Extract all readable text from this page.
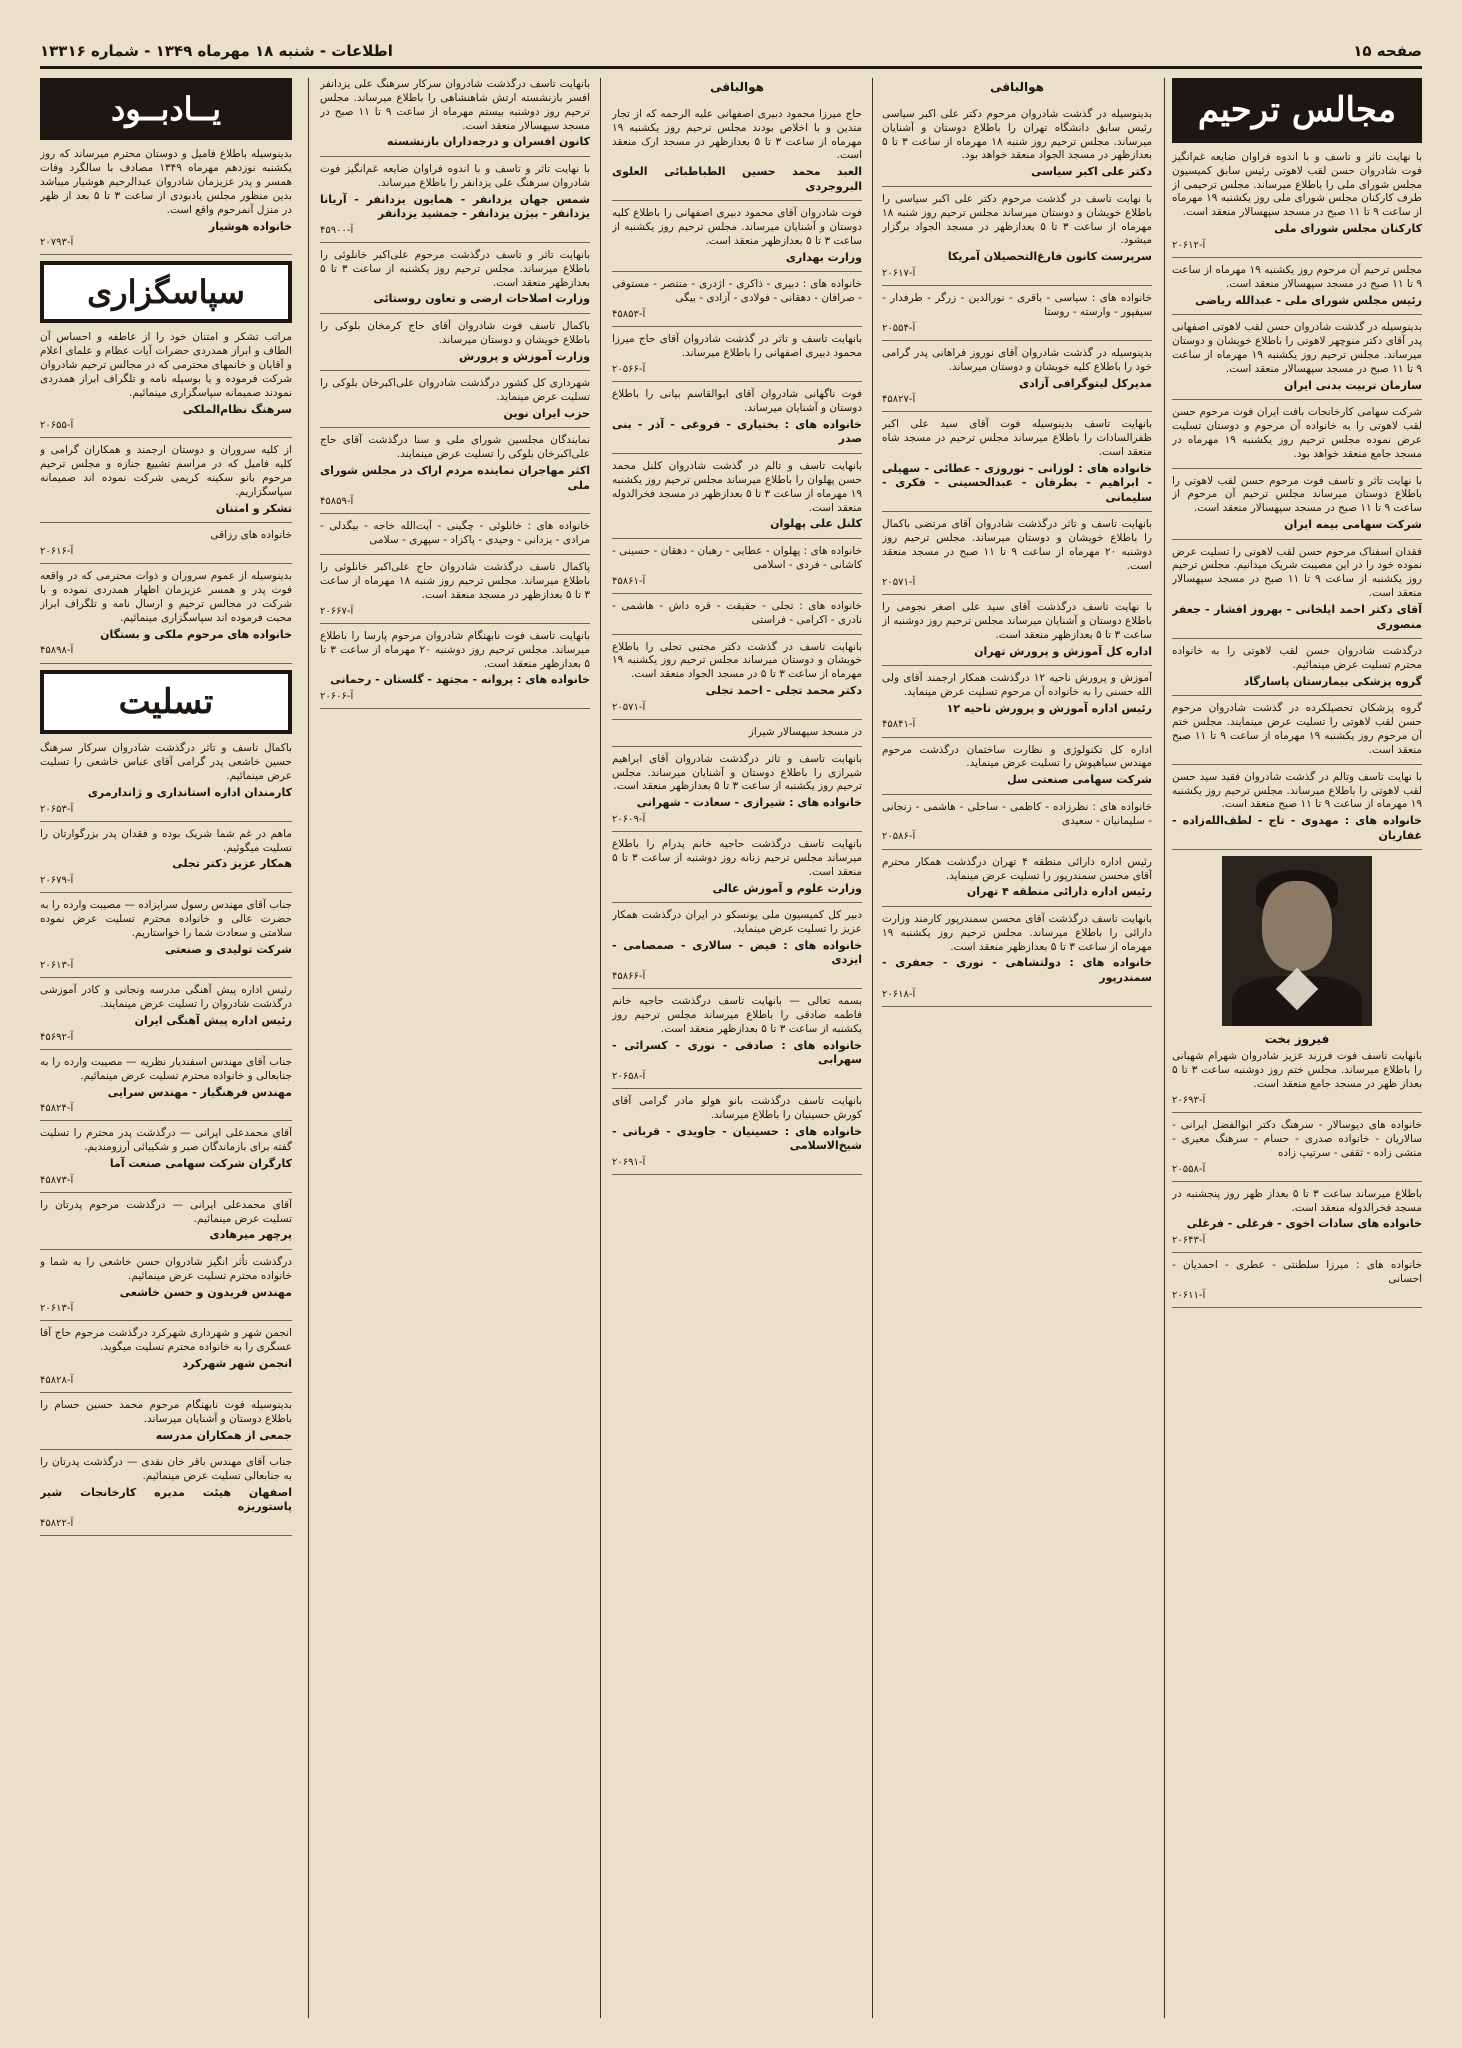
صفحه ۱۵
اطلاعات - شنبه ۱۸ مهرماه ۱۳۴۹ - شماره ۱۳۳۱۶
مجالس ترحیم

با نهایت تاثر و تاسف و با اندوه فراوان ضایعه غم‌انگیز فوت شادروان حسن لقب لاهوتی رئیس سابق کمیسیون مجلس شورای ملی را باطلاع میرساند. مجلس ترحیمی از طرف کارکنان مجلس شورای ملی روز یکشنبه ۱۹ مهرماه از ساعت ۹ تا ۱۱ صبح در مسجد سپهسالار منعقد است.

کارکنان مجلس شورای ملی

آ-۲۰۶۱۲

مجلس ترحیم آن مرحوم روز یکشنبه ۱۹ مهرماه از ساعت ۹ تا ۱۱ صبح در مسجد سپهسالار منعقد است.

رئیس مجلس شورای ملی - عبدالله ریاضی

بدینوسیله در گذشت شادروان حسن لقب لاهوتی اصفهانی پدر آقای دکتر منوچهر لاهوتی را باطلاع خویشان و دوستان میرساند. مجلس ترحیم روز یکشنبه ۱۹ مهرماه از ساعت ۹ تا ۱۱ صبح در مسجد سپهسالار منعقد است.

سازمان تربیت بدنی ایران

شرکت سهامی کارخانجات بافت ایران فوت مرحوم حسن لقب لاهوتی را به خانواده آن مرحوم و دوستان تسلیت عرض نموده مجلس ترحیم روز یکشنبه ۱۹ مهرماه در مسجد جامع منعقد خواهد بود.

با نهایت تاثر و تاسف فوت مرحوم حسن لقب لاهوتی را باطلاع دوستان میرساند مجلس ترحیم آن مرحوم از ساعت ۹ تا ۱۱ صبح در مسجد سپهسالار منعقد است.

شرکت سهامی بیمه ایران

فقدان اسفناک مرحوم حسن لقب لاهوتی را تسلیت عرض نموده خود را در این مصیبت شریک میدانیم. مجلس ترحیم روز یکشنبه از ساعت ۹ تا ۱۱ صبح در مسجد سپهسالار منعقد است.

آقای دکتر احمد ایلخانی - بهروز افشار - جعفر منصوری

درگذشت شادروان حسن لقب لاهوتی را به خانواده محترم تسلیت عرض مینمائیم.

گروه پزشکی بیمارستان پاسارگاد

گروه پزشکان تحصیلکرده در گذشت شادروان مرحوم حسن لقب لاهوتی را تسلیت عرض مینمایند. مجلس ختم آن مرحوم روز یکشنبه ۱۹ مهرماه از ساعت ۹ تا ۱۱ صبح منعقد است.

با نهایت تاسف وتالم در گذشت شادروان فقید سید حسن لقب لاهوتی را باطلاع میرساند. مجلس ترحیم روز یکشنبه ۱۹ مهرماه از ساعت ۹ تا ۱۱ صبح منعقد است.

خانواده های : مهدوی - تاج - لطف‌الله‌زاده - غفاریان

فیروز بخت

بانهایت تاسف فوت فرزند عزیز شادروان شهرام شهبانی را باطلاع میرساند. مجلس ختم روز دوشنبه ساعت ۳ تا ۵ بعداز ظهر در مسجد جامع منعقد است.

آ-۲۰۶۹۳

خانواده های دیوسالار - سرهنگ دکتر ابوالفضل ایرانی - سالاریان - خانواده صدری - حسام - سرهنگ معیری - منشی زاده - ثقفی - سرتیپ زاده

آ-۲۰۵۵۸

باطلاع میرساند ساعت ۳ تا ۵ بعداز ظهر روز پنجشنبه در مسجد فخرالدوله منعقد است.

خانواده های سادات اخوی - فرغلی - فرغلی

آ-۲۰۶۴۳

خانواده های : میرزا سلطنتی - عطری - احمدیان - احسانی

آ-۲۰۶۱۱

هوالباقی

بدینوسیله در گذشت شادروان مرحوم دکتر علی اکبر سیاسی رئیس سابق دانشگاه تهران را باطلاع دوستان و آشنایان میرساند. مجلس ترحیم روز شنبه ۱۸ مهرماه از ساعت ۳ تا ۵ بعدازظهر در مسجد الجواد منعقد خواهد بود.

دکتر علی اکبر سیاسی

با نهایت تاسف در گذشت مرحوم دکتر علی اکبر سیاسی را باطلاع خویشان و دوستان میرساند مجلس ترحیم روز شنبه ۱۸ مهرماه از ساعت ۳ تا ۵ بعدازظهر در مسجد الجواد برگزار میشود.

سرپرست کانون فارغ‌التحصیلان آمریکا

آ-۲۰۶۱۷

خانواده های : سیاسی - باقری - نورالدین - زرگر - طرفدار - سیفپور - وارسته - روستا

آ-۲۰۵۵۴

بدینوسیله در گذشت شادروان آقای نوروز فراهانی پدر گرامی خود را باطلاع کلیه خویشان و دوستان میرساند.

مدیرکل لیتوگرافی آزادی

آ-۴۵۸۲۷

بانهایت تاسف بدینوسیله فوت آقای سید علی اکبر ظفرالسادات را باطلاع میرساند مجلس ترحیم در مسجد شاه منعقد است.

خانواده های : لوزانی - نوروزی - عطائی - سهیلی - ابراهیم - بطرفان - عبدالحسینی - فکری - سلیمانی

بانهایت تاسف و تاثر درگذشت شادروان آقای مرتضی باکمال را باطلاع خویشان و دوستان میرساند. مجلس ترحیم روز دوشنبه ۲۰ مهرماه از ساعت ۹ تا ۱۱ صبح در مسجد منعقد است.

آ-۲۰۵۷۱

با نهایت تاسف درگذشت آقای سید علی اصغر نجومی را باطلاع دوستان و آشنایان میرساند مجلس ترحیم روز دوشنبه از ساعت ۳ تا ۵ بعدازظهر منعقد است.

اداره کل آموزش و پرورش تهران

آموزش و پرورش ناحیه ۱۲ درگذشت همکار ارجمند آقای ولی الله حسنی را به خانواده آن مرحوم تسلیت عرض مینماید.

رئیس اداره آموزش و پرورش ناحیه ۱۲

آ-۴۵۸۴۱

اداره کل تکنولوژی و نظارت ساختمان درگذشت مرحوم مهندس سیاهپوش را تسلیت عرض مینماید.

شرکت سهامی صنعتی سل

خانواده های : نظرزاده - کاظمی - ساحلی - هاشمی - زنجانی - سلیمانیان - سعیدی

آ-۲۰۵۸۶

رئیس اداره دارائی منطقه ۴ تهران درگذشت همکار محترم آقای محسن سمندرپور را تسلیت عرض مینماید.

رئیس اداره دارائی منطقه ۴ تهران

بانهایت تاسف درگذشت آقای محسن سمندرپور کارمند وزارت دارائی را باطلاع میرساند. مجلس ترحیم روز یکشنبه ۱۹ مهرماه از ساعت ۳ تا ۵ بعدازظهر منعقد است.

خانواده های : دولتشاهی - نوری - جعفری - سمندرپور

آ-۲۰۶۱۸

هوالباقی

حاج میرزا محمود دبیری اصفهانی علیه الرحمه که از تجار متدین و با اخلاص بودند مجلس ترحیم روز یکشنبه ۱۹ مهرماه از ساعت ۳ تا ۵ بعدازظهر در مسجد ارک منعقد است.

العبد محمد حسین الطباطبائی العلوی البروجردی

فوت شادروان آقای محمود دبیری اصفهانی را باطلاع کلیه دوستان و آشنایان میرساند. مجلس ترحیم روز یکشنبه از ساعت ۳ تا ۵ بعدازظهر منعقد است.

وزارت بهداری

خانواده های : دبیری - ذاکری - اژدری - منتصر - مستوفی - صرافان - دهقانی - فولادی - آزادی - بیگی

آ-۴۵۸۵۳

بانهایت تاسف و تاثر در گذشت شادروان آقای حاج میرزا محمود دبیری اصفهانی را باطلاع میرساند.

آ-۲۰۵۶۶

فوت ناگهانی شادروان آقای ابوالقاسم بیانی را باطلاع دوستان و آشنایان میرساند.

خانواده های : بختیاری - فروغی - آذر - بنی صدر

بانهایت تاسف و تالم در گذشت شادروان کلنل محمد حسن پهلوان را باطلاع میرساند مجلس ترحیم روز یکشنبه ۱۹ مهرماه از ساعت ۳ تا ۵ بعدازظهر در مسجد فخرالدوله منعقد است.

کلنل علی پهلوان

خانواده های : پهلوان - عطایی - رهبان - دهقان - حسینی - کاشانی - فردی - اسلامی

آ-۴۵۸۶۱

خانواده های : تجلی - حقیقت - قره داش - هاشمی - نادری - اکرامی - فراستی

بانهایت تاسف در گذشت دکتر مجتبی تجلی را باطلاع خویشان و دوستان میرساند مجلس ترحیم روز یکشنبه ۱۹ مهرماه از ساعت ۳ تا ۵ در مسجد الجواد منعقد است.

دکتر محمد تجلی - احمد تجلی

آ-۲۰۵۷۱

در مسجد سپهسالار شیراز

بانهایت تاسف و تاثر درگذشت شادروان آقای ابراهیم شیرازی را باطلاع دوستان و آشنایان میرساند. مجلس ترحیم روز یکشنبه از ساعت ۳ تا ۵ بعدازظهر منعقد است.

خانواده های : شیرازی - سعادت - شهرانی

آ-۲۰۶۰۹

بانهایت تاسف درگذشت حاجیه خانم پدرام را باطلاع میرساند مجلس ترحیم زنانه روز دوشنبه از ساعت ۳ تا ۵ منعقد است.

وزارت علوم و آموزش عالی

دبیر کل کمیسیون ملی یونسکو در ایران درگذشت همکار عزیز را تسلیت عرض مینماید.

خانواده های : فیض - سالاری - صمصامی - ایزدی

آ-۴۵۸۶۶

بسمه تعالی — بانهایت تاسف درگذشت حاجیه خانم فاطمه صادقی را باطلاع میرساند مجلس ترحیم روز یکشنبه از ساعت ۳ تا ۵ بعدازظهر منعقد است.

خانواده های : صادقی - نوری - کسرائی - سهرابی

آ-۲۰۶۵۸

بانهایت تاسف درگذشت بانو هولو مادر گرامی آقای کورش حسینیان را باطلاع میرساند.

خانواده های : حسینیان - جاویدی - قربانی - شیخ‌الاسلامی

آ-۲۰۶۹۱

بانهایت تاسف درگذشت شادروان سرکار سرهنگ علی یزدانفر افسر بازنشسته ارتش شاهنشاهی را باطلاع میرساند. مجلس ترحیم روز دوشنبه بیستم مهرماه از ساعت ۹ تا ۱۱ صبح در مسجد سپهسالار منعقد است.

کانون افسران و درجه‌داران بازنشسته

با نهایت تاثر و تاسف و با اندوه فراوان ضایعه غم‌انگیز فوت شادروان سرهنگ علی یزدانفر را باطلاع میرساند.

شمس جهان یزدانفر - همایون یزدانفر - آریانا یزدانفر - بیژن یزدانفر - جمشید یزدانفر

آ-۴۵۹۰۰

بانهایت تاثر و تاسف درگذشت مرحوم علی‌اکبر خانلوئی را باطلاع میرساند. مجلس ترحیم روز یکشنبه از ساعت ۳ تا ۵ بعدازظهر منعقد است.

وزارت اصلاحات ارضی و تعاون روستائی

باکمال تاسف فوت شادروان آقای حاج کرمخان بلوکی را باطلاع خویشان و دوستان میرساند.

وزارت آموزش و پرورش

شهرداری کل کشور درگذشت شادروان علی‌اکبرخان بلوکی را تسلیت عرض مینماید.

حزب ایران نوین

نمایندگان مجلسین شورای ملی و سنا درگذشت آقای حاج علی‌اکبرخان بلوکی را تسلیت عرض مینمایند.

اکثر مهاجران نماینده مردم اراک در مجلس شورای ملی

آ-۴۵۸۵۹

خانواده های : خانلوئی - چگینی - آیت‌الله خاجه - بیگدلی - مرادی - یزدانی - وحیدی - پاکزاد - سپهری - سلامی

پاکمال تاسف درگذشت شادروان حاج علی‌اکبر خانلوئی را باطلاع میرساند. مجلس ترحیم روز شنبه ۱۸ مهرماه از ساعت ۳ تا ۵ بعدازظهر در مسجد منعقد است.

آ-۲۰۶۶۷

بانهایت تاسف فوت نابهنگام شادروان مرحوم پارسا را باطلاع میرساند. مجلس ترحیم روز دوشنبه ۲۰ مهرماه از ساعت ۳ تا ۵ بعدازظهر منعقد است.

خانواده های : پروانه - مجتهد - گلستان - رحمانی

آ-۲۰۶۰۶

یــادبــود

بدینوسیله باطلاع فامیل و دوستان محترم میرساند که روز یکشنبه نوزدهم مهرماه ۱۳۴۹ مصادف با سالگرد وفات همسر و پدر عزیزمان شادروان عبدالرحیم هوشیار میباشد بدین منظور مجلس یادبودی از ساعت ۳ تا ۵ بعد از ظهر در منزل آنمرحوم واقع است.

خانواده هوشیار

آ-۲۰۷۹۳

سپاسگزاری

مراتب تشکر و امتنان خود را از عاطفه و احساس آن الطاف و ابراز همدردی حضرات آیات عظام و علمای اعلام و آقایان و خانمهای محترمی که در مجالس ترحیم شادروان شرکت فرموده و یا بوسیله نامه و تلگراف ابراز همدردی نمودند صمیمانه سپاسگزاری مینمائیم.

سرهنگ نظام‌الملکی

آ-۲۰۶۵۵

از کلیه سروران و دوستان ارجمند و همکاران گرامی و کلیه فامیل که در مراسم تشییع جنازه و مجلس ترحیم مرحوم بانو سکینه کریمی شرکت نموده اند صمیمانه سپاسگزاریم.

تشکر و امتنان

خانواده های رزاقی

آ-۲۰۶۱۶

بدینوسیله از عموم سروران و ذوات محترمی که در واقعه فوت پدر و همسر عزیزمان اظهار همدردی نموده و با شرکت در مجالس ترحیم و ارسال نامه و تلگراف ابراز محبت فرموده اند سپاسگزاری مینمائیم.

خانواده های مرحوم ملکی و بستگان

آ-۴۵۸۹۸

تسلیت

باکمال تاسف و تاثر درگذشت شادروان سرکار سرهنگ حسین خاشعی پدر گرامی آقای عباس خاشعی را تسلیت عرض مینمائیم.

کارمندان اداره استانداری و ژاندارمری

آ-۲۰۶۵۳

ماهم در غم شما شریک بوده و فقدان پدر بزرگوارتان را تسلیت میگوئیم.

همکار عزیز دکتر تجلی

آ-۲۰۶۷۹

جناب آقای مهندس رسول سرایزاده — مصیبت وارده را به حضرت عالی و خانواده محترم تسلیت عرض نموده سلامتی و سعادت شما را خواستاریم.

شرکت تولیدی و صنعتی

آ-۲۰۶۱۳

رئیس اداره پیش آهنگی مدرسه ونجانی و کادر آموزشی درگذشت شادروان را تسلیت عرض مینمایند.

رئیس اداره پیش آهنگی ایران

آ-۴۵۶۹۲

جناب آقای مهندس اسفندیار نظریه — مصیبت وارده را به جنابعالی و خانواده محترم تسلیت عرض مینمائیم.

مهندس فرهنگیار - مهندس سرایی

آ-۴۵۸۲۴

آقای محمدعلی ایرانی — درگذشت پدر محترم را تسلیت گفته برای بازماندگان صبر و شکیبائی آرزومندیم.

کارگران شرکت سهامی صنعت آما

آ-۴۵۸۷۳

آقای محمدعلی ایرانی — درگذشت مرحوم پدرتان را تسلیت عرض مینمائیم.

پرچهر میرهادی

درگذشت تأثر انگیز شادروان حسن خاشعی را به شما و خانواده محترم تسلیت عرض مینمائیم.

مهندس فریدون و حسن خاشعی

آ-۲۰۶۱۳

انجمن شهر و شهرداری شهرکرد درگذشت مرحوم حاج آقا عسگری را به خانواده محترم تسلیت میگوید.

انجمن شهر شهرکرد

آ-۴۵۸۲۸

بدینوسیله فوت نابهنگام مرحوم محمد حسین حسام را باطلاع دوستان و آشنایان میرساند.

جمعی از همکاران مدرسه

جناب آقای مهندس باقر خان نقدی — درگذشت پدرتان را به جنابعالی تسلیت عرض مینمائیم.

اصفهان هیئت مدیره کارخانجات شیر پاستوریزه

آ-۴۵۸۲۲
